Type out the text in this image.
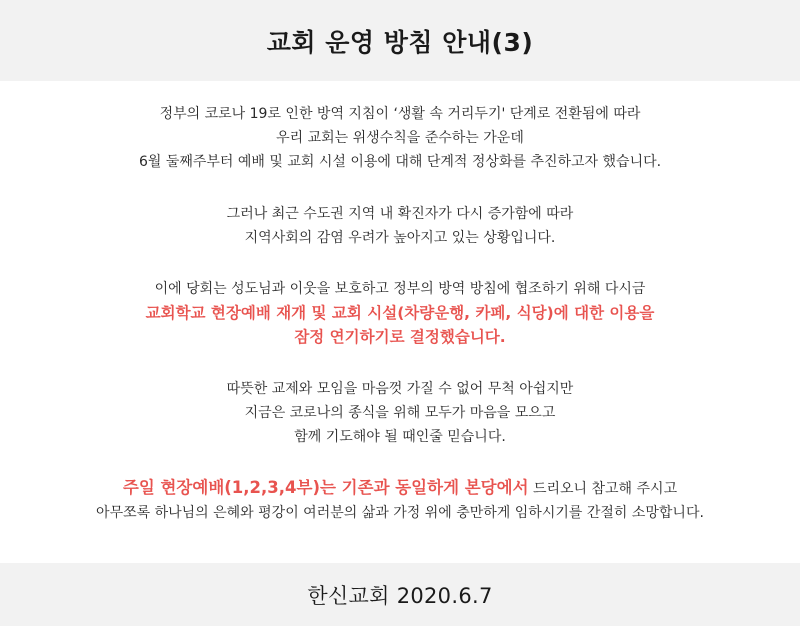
교회 운영 방침 안내(3)
정부의 코로나 19로 인한 방역 지침이 ‘생활 속 거리두기' 단계로 전환됨에 따라
우리 교회는 위생수칙을 준수하는 가운데
6월 둘째주부터 예배 및 교회 시설 이용에 대해 단계적 정상화를 추진하고자 했습니다.
그러나 최근 수도권 지역 내 확진자가 다시 증가함에 따라
지역사회의 감염 우려가 높아지고 있는 상황입니다.
이에 당회는 성도님과 이웃을 보호하고 정부의 방역 방침에 협조하기 위해 다시금
교회학교 현장예배 재개 및 교회 시설(차량운행, 카페, 식당)에 대한 이용을
잠정 연기하기로 결정했습니다.
따뜻한 교제와 모임을 마음껏 가질 수 없어 무척 아쉽지만
지금은 코로나의 종식을 위해 모두가 마음을 모으고
함께 기도해야 될 때인줄 믿습니다.
주일 현장예배(1,2,3,4부)는 기존과 동일하게 본당에서 드리오니 참고해 주시고
아무쪼록 하나님의 은혜와 평강이 여러분의 삶과 가정 위에 충만하게 임하시기를 간절히 소망합니다.
한신교회 2020.6.7
